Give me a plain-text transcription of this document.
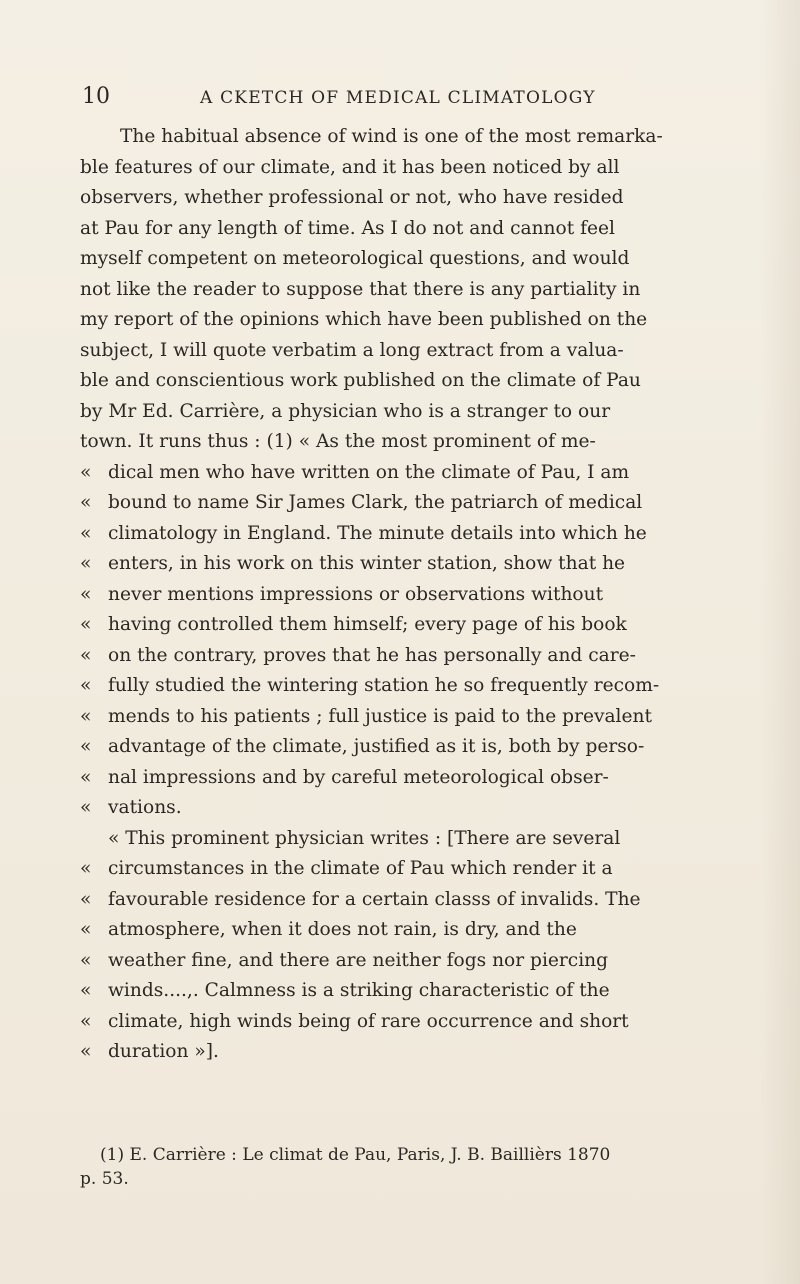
10	A CKETCH OF MEDICAL CLIMATOLOGY
The habitual absence of wind is one of the most remarka-
ble features of our climate, and it has been noticed by all
observers, whether professional or not, who have resided
at Pau for any length of time. As I do not and cannot feel
myself competent on meteorological questions, and would
not like the reader to suppose that there is any partiality in
my report of the opinions which have been published on the
subject, I will quote verbatim a long extract from a valua-
ble and conscientious work published on the climate of Pau
by Mr Ed. Carrière, a physician who is a stranger to our
town. It runs thus : (1) « As the most prominent of me-
« dical men who have written on the climate of Pau, I am
« bound to name Sir James Clark, the patriarch of medical
« climatology in England. The minute details into which he
« enters, in his work on this winter station, show that he
« never mentions impressions or observations without
« having controlled them himself; every page of his book
« on the contrary, proves that he has personally and care-
« fully studied the wintering station he so frequently recom-
« mends to his patients ; full justice is paid to the prevalent
« advantage of the climate, justified as it is, both by perso-
« nal impressions and by careful meteorological obser-
« vations.
« This prominent physician writes : [There are several
« circumstances in the climate of Pau which render it a
« favourable residence for a certain classs of invalids. The
« atmosphere, when it does not rain, is dry, and the
« weather fine, and there are neither fogs nor piercing
« winds....,. Calmness is a striking characteristic of the
« climate, high winds being of rare occurrence and short
« duration »].
(1) E. Carrière : Le climat de Pau, Paris, J. B. Baillièrs 1870
p. 53.
